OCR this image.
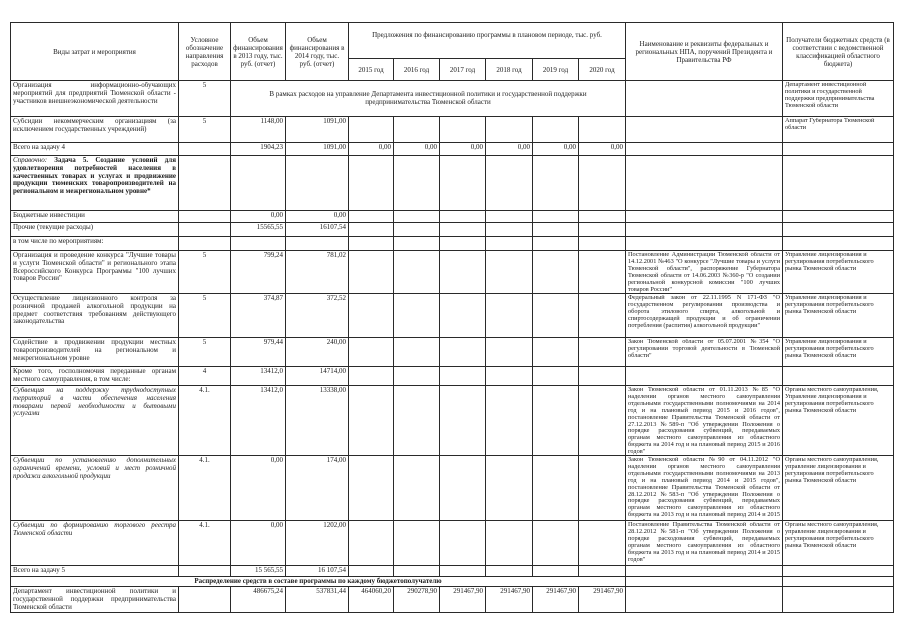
Виды затрат и мероприятия	Условное обозначение направления расходов	Объем финансирования в 2013 году, тыс. руб. (отчет)	Объем финансирования в 2014 году, тыс. руб. (отчет)	Предложения по финансированию программы в плановом периоде, тыс. руб.						Наименование и реквизиты федеральных и региональных НПА, поручений Президента и Правительства РФ	Получатели бюджетных средств (в соответствии с ведомственной классификацией областного бюджета)
				2015 год	2016 год	2017 год	2018 год	2019 год	2020 год		

Организация информационно-обучающих мероприятий для предприятий Тюменской области - участников внешнеэкономической деятельности	5	В рамках расходов на управление Департамента инвестиционной политики и государственной поддержки предпринимательства Тюменской области									Департамент инвестиционной политики и государственной поддержки предпринимательства Тюменской области

Субсидии некоммерческим организациям (за исключением государственных учреждений)	5	1148,00	1091,00								Аппарат Губернатора Тюменской области

Всего на задачу 4		1904,23	1091,00	0,00	0,00	0,00	0,00	0,00	0,00		

Справочно: Задача 5. Создание условий для удовлетворения потребностей населения в качественных товарах и услугах и продвижение продукции тюменских товаропроизводителей на региональном и межрегиональном уровне*											

Бюджетные инвестиции		0,00	0,00								
Прочие (текущие расходы)		15565,55	16107,54								
в том числе по мероприятиям:											

Организация и проведение конкурса "Лучшие товары и услуги Тюменской области" и регионального этапа Всероссийского Конкурса Программы "100 лучших товаров России"	5	799,24	781,02							Постановление Администрации Тюменской области от 14.12.2001 №463 "О конкурсе "Лучшие товары и услуги Тюменской области", распоряжение Губернатора Тюменской области от 14.06.2003 №360-р "О создании региональной конкурсной комиссии "100 лучших товаров России"	Управление лицензирования и регулирования потребительского рынка Тюменской области

Осуществление лицензионного контроля за розничной продажей алкогольной продукции на предмет соответствия требованиям действующего законодательства	5	374,87	372,52							Федеральный закон от 22.11.1995 N 171-ФЗ "О государственном регулировании производства и оборота этилового спирта, алкогольной и спиртосодержащей продукции и об ограничении потребления (распития) алкогольной продукции"	Управление лицензирования и регулирования потребительского рынка Тюменской области

Содействие в продвижении продукции местных товаропроизводителей на региональном и межрегиональном уровне	5	979,44	240,00							Закон Тюменской области от 05.07.2001 №354 "О регулировании торговой деятельности в Тюменской области"	Управление лицензирования и регулирования потребительского рынка Тюменской области

Кроме того, госполномочия переданные органам местного самоуправления, в том числе:	4	13412,0	14714,00								

Субвенция на поддержку труднодоступных территорий в части обеспечения населения товарами первой необходимости и бытовыми услугами	4.1.	13412,0	13338,00							Закон Тюменской области от 01.11.2013 №85 "О наделении органов местного самоуправления отдельными государственными полномочиями на 2014 год и на плановый период 2015 и 2016 годов", постановление Правительства Тюменской области от 27.12.2013 №589-п "Об утверждении Положения о порядке расходования субвенций, передаваемых органам местного самоуправления из областного бюджета на 2014 год и на плановый период 2015 и 2016 годов"	Органы местного самоуправления, Управление лицензирования и регулирования потребительского рынка Тюменской области

Субвенции по установлению дополнительных ограничений времени, условий и мест розничной продажи алкогольной продукции	4.1.	0,00	174,00							Закон Тюменской области №90 от 04.11.2012 "О наделении органов местного самоуправления отдельными государственными полномочиями на 2013 год и на плановый период 2014 и 2015 годов", постановление Правительства Тюменской области от 28.12.2012 №583-п "Об утверждении Положения о порядке расходования субвенций, передаваемых органам местного самоуправления из областного бюджета на 2013 год и на плановый период 2014 и 2015	Органы местного самоуправления, управление лицензирования и регулирования потребительского рынка Тюменской области

Субвенции по формированию торгового реестра Тюменской области	4.1.	0,00	1202,00							Постановление Правительства Тюменской области от 28.12.2012 №581-п "Об утверждении Положения о порядке расходования субвенций, передаваемых органам местного самоуправления из областного бюджета на 2013 год и на плановый период 2014 и 2015 годов"	Органы местного самоуправления, управление лицензирования и регулирования потребительского рынка Тюменской области

Всего на задачу 5		15 565,55	16 107,54								
Распределение средств в составе программы по каждому бюджетополучателю											

Департамент инвестиционной политики и государственной поддержки предпринимательства Тюменской области		486675,24	537831,44	464060,20	290278,90	291467,90	291467,90	291467,90	291467,90		
